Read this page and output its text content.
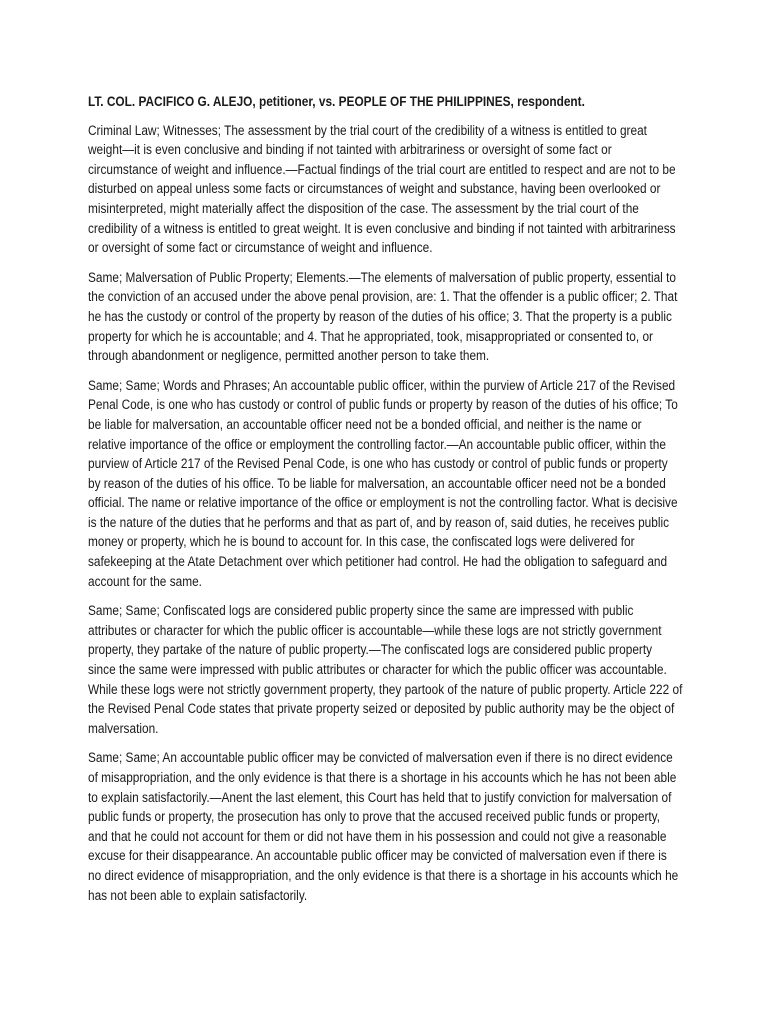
LT. COL. PACIFICO G. ALEJO, petitioner, vs. PEOPLE OF THE PHILIPPINES, respondent.

Criminal Law; Witnesses; The assessment by the trial court of the credibility of a witness is entitled to great weight—it is even conclusive and binding if not tainted with arbitrariness or oversight of some fact or circumstance of weight and influence.—Factual findings of the trial court are entitled to respect and are not to be disturbed on appeal unless some facts or circumstances of weight and substance, having been overlooked or misinterpreted, might materially affect the disposition of the case. The assessment by the trial court of the credibility of a witness is entitled to great weight. It is even conclusive and binding if not tainted with arbitrariness or oversight of some fact or circumstance of weight and influence.

Same; Malversation of Public Property; Elements.—The elements of malversation of public property, essential to the conviction of an accused under the above penal provision, are: 1. That the offender is a public officer; 2. That he has the custody or control of the property by reason of the duties of his office; 3. That the property is a public property for which he is accountable; and 4. That he appropriated, took, misappropriated or consented to, or through abandonment or negligence, permitted another person to take them.

Same; Same; Words and Phrases; An accountable public officer, within the purview of Article 217 of the Revised Penal Code, is one who has custody or control of public funds or property by reason of the duties of his office; To be liable for malversation, an accountable officer need not be a bonded official, and neither is the name or relative importance of the office or employment the controlling factor.—An accountable public officer, within the purview of Article 217 of the Revised Penal Code, is one who has custody or control of public funds or property by reason of the duties of his office. To be liable for malversation, an accountable officer need not be a bonded official. The name or relative importance of the office or employment is not the controlling factor. What is decisive is the nature of the duties that he performs and that as part of, and by reason of, said duties, he receives public money or property, which he is bound to account for. In this case, the confiscated logs were delivered for safekeeping at the Atate Detachment over which petitioner had control. He had the obligation to safeguard and account for the same.

Same; Same; Confiscated logs are considered public property since the same are impressed with public attributes or character for which the public officer is accountable—while these logs are not strictly government property, they partake of the nature of public property.—The confiscated logs are considered public property since the same were impressed with public attributes or character for which the public officer was accountable. While these logs were not strictly government property, they partook of the nature of public property. Article 222 of the Revised Penal Code states that private property seized or deposited by public authority may be the object of malversation.

Same; Same; An accountable public officer may be convicted of malversation even if there is no direct evidence of misappropriation, and the only evidence is that there is a shortage in his accounts which he has not been able to explain satisfactorily.—Anent the last element, this Court has held that to justify conviction for malversation of public funds or property, the prosecution has only to prove that the accused received public funds or property, and that he could not account for them or did not have them in his possession and could not give a reasonable excuse for their disappearance. An accountable public officer may be convicted of malversation even if there is no direct evidence of misappropriation, and the only evidence is that there is a shortage in his accounts which he has not been able to explain satisfactorily.
